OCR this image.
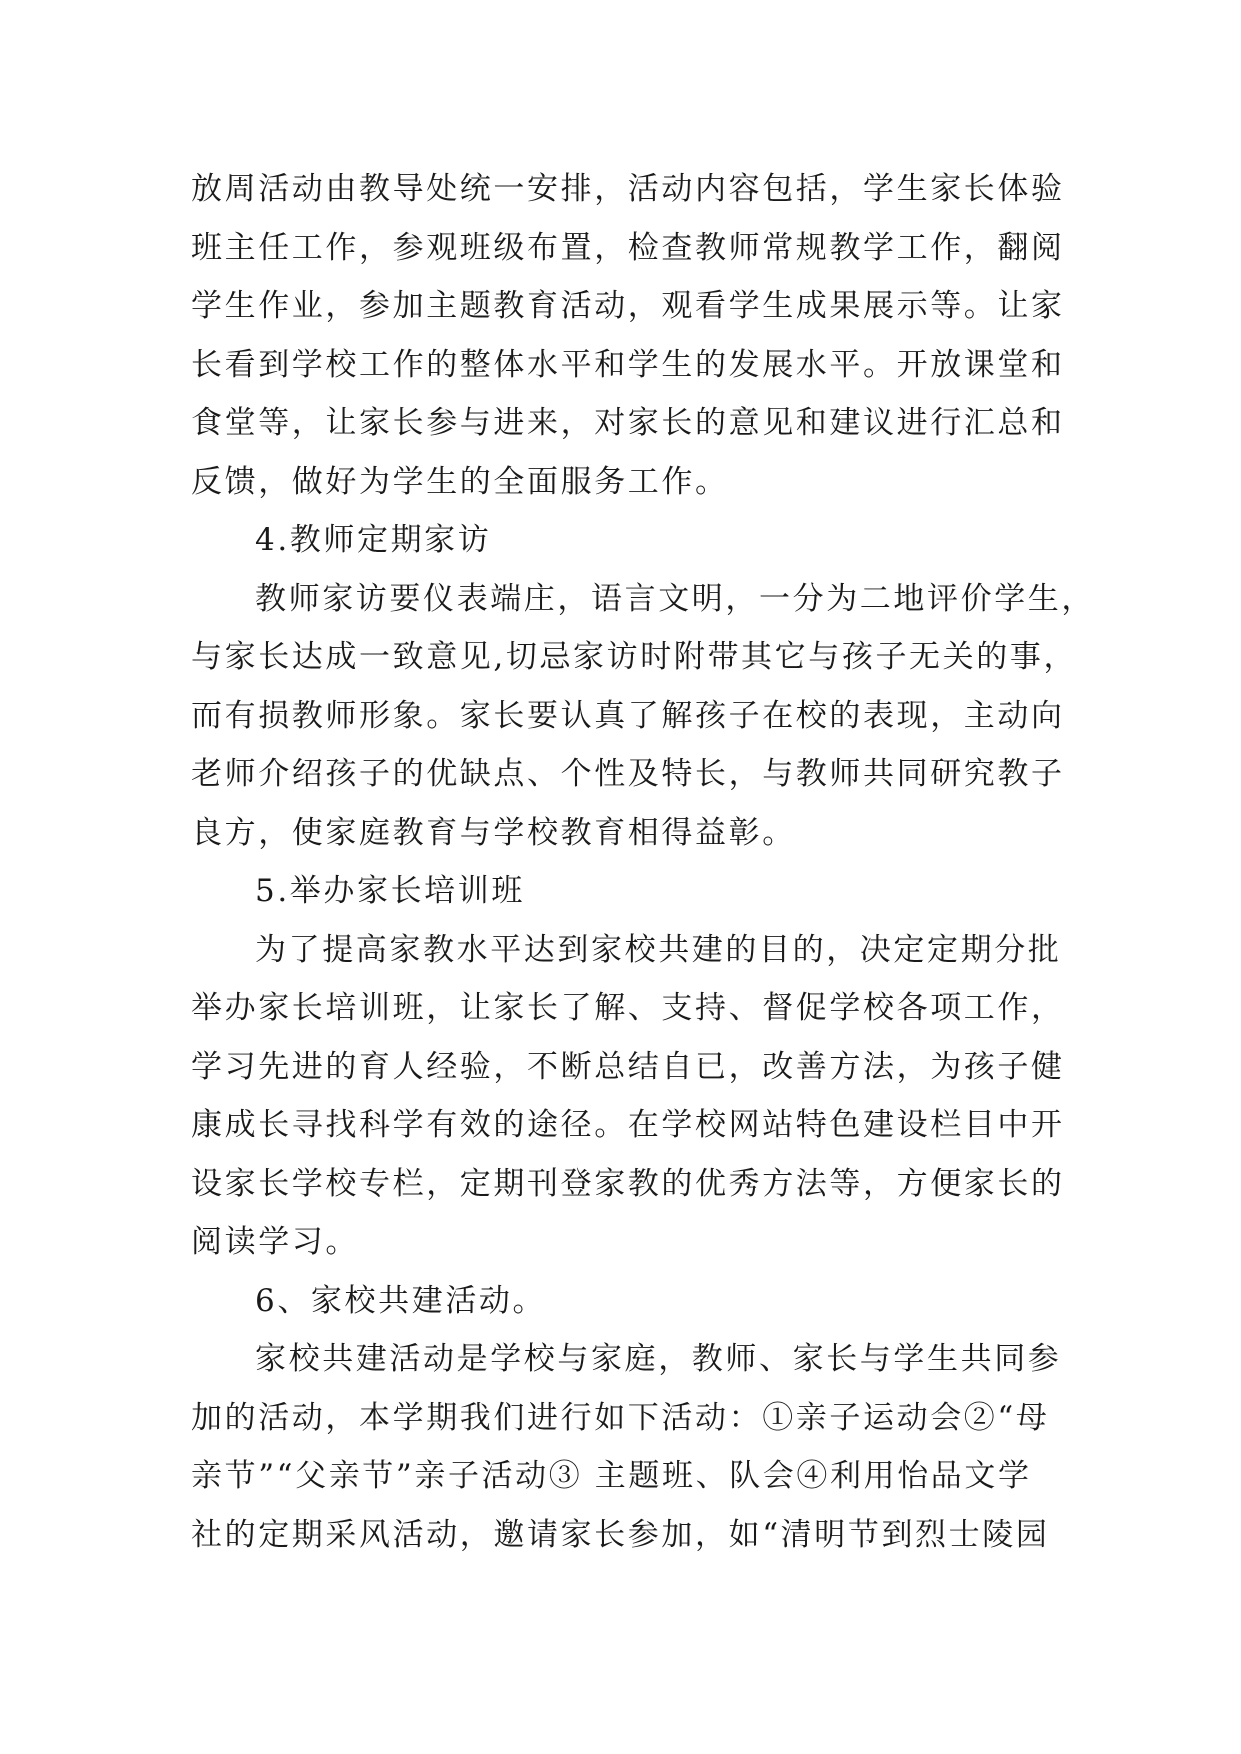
放周活动由教导处统一安排，活动内容包括，学生家长体验
班主任工作，参观班级布置，检查教师常规教学工作，翻阅
学生作业，参加主题教育活动，观看学生成果展示等。让家
长看到学校工作的整体水平和学生的发展水平。开放课堂和
食堂等，让家长参与进来，对家长的意见和建议进行汇总和
反馈，做好为学生的全面服务工作。
4.教师定期家访
教师家访要仪表端庄，语言文明，一分为二地评价学生，
与家长达成一致意见,切忌家访时附带其它与孩子无关的事，
而有损教师形象。家长要认真了解孩子在校的表现，主动向
老师介绍孩子的优缺点、个性及特长，与教师共同研究教子
良方，使家庭教育与学校教育相得益彰。
5.举办家长培训班
为了提高家教水平达到家校共建的目的，决定定期分批
举办家长培训班，让家长了解、支持、督促学校各项工作，
学习先进的育人经验，不断总结自已，改善方法，为孩子健
康成长寻找科学有效的途径。在学校网站特色建设栏目中开
设家长学校专栏，定期刊登家教的优秀方法等，方便家长的
阅读学习。
6、家校共建活动。
家校共建活动是学校与家庭，教师、家长与学生共同参
加的活动，本学期我们进行如下活动：①亲子运动会②“母
亲节”“父亲节”亲子活动③ 主题班、队会④利用怡品文学
社的定期采风活动，邀请家长参加，如“清明节到烈士陵园
